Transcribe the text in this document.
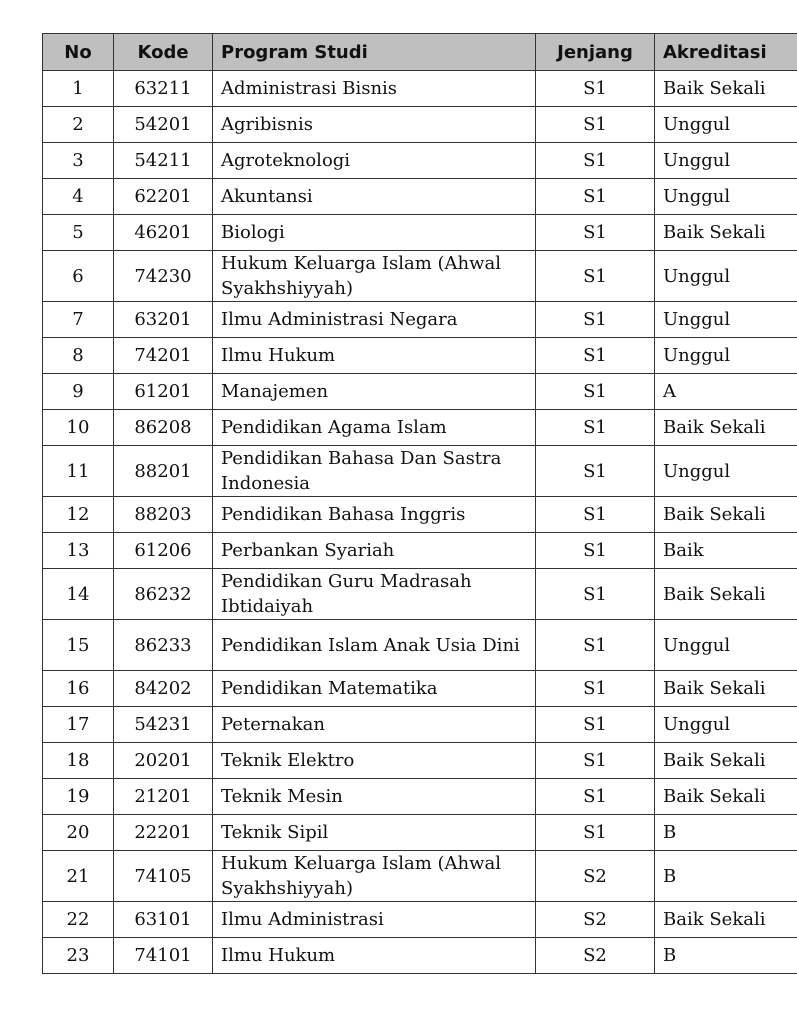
No	Kode	Program Studi	Jenjang	Akreditasi
1	63211	Administrasi Bisnis	S1	Baik Sekali
2	54201	Agribisnis	S1	Unggul
3	54211	Agroteknologi	S1	Unggul
4	62201	Akuntansi	S1	Unggul
5	46201	Biologi	S1	Baik Sekali
6	74230	Hukum Keluarga Islam (Ahwal Syakhshiyyah)	S1	Unggul
7	63201	Ilmu Administrasi Negara	S1	Unggul
8	74201	Ilmu Hukum	S1	Unggul
9	61201	Manajemen	S1	A
10	86208	Pendidikan Agama Islam	S1	Baik Sekali
11	88201	Pendidikan Bahasa Dan Sastra Indonesia	S1	Unggul
12	88203	Pendidikan Bahasa Inggris	S1	Baik Sekali
13	61206	Perbankan Syariah	S1	Baik
14	86232	Pendidikan Guru Madrasah Ibtidaiyah	S1	Baik Sekali
15	86233	Pendidikan Islam Anak Usia Dini	S1	Unggul
16	84202	Pendidikan Matematika	S1	Baik Sekali
17	54231	Peternakan	S1	Unggul
18	20201	Teknik Elektro	S1	Baik Sekali
19	21201	Teknik Mesin	S1	Baik Sekali
20	22201	Teknik Sipil	S1	B
21	74105	Hukum Keluarga Islam (Ahwal Syakhshiyyah)	S2	B
22	63101	Ilmu Administrasi	S2	Baik Sekali
23	74101	Ilmu Hukum	S2	B
